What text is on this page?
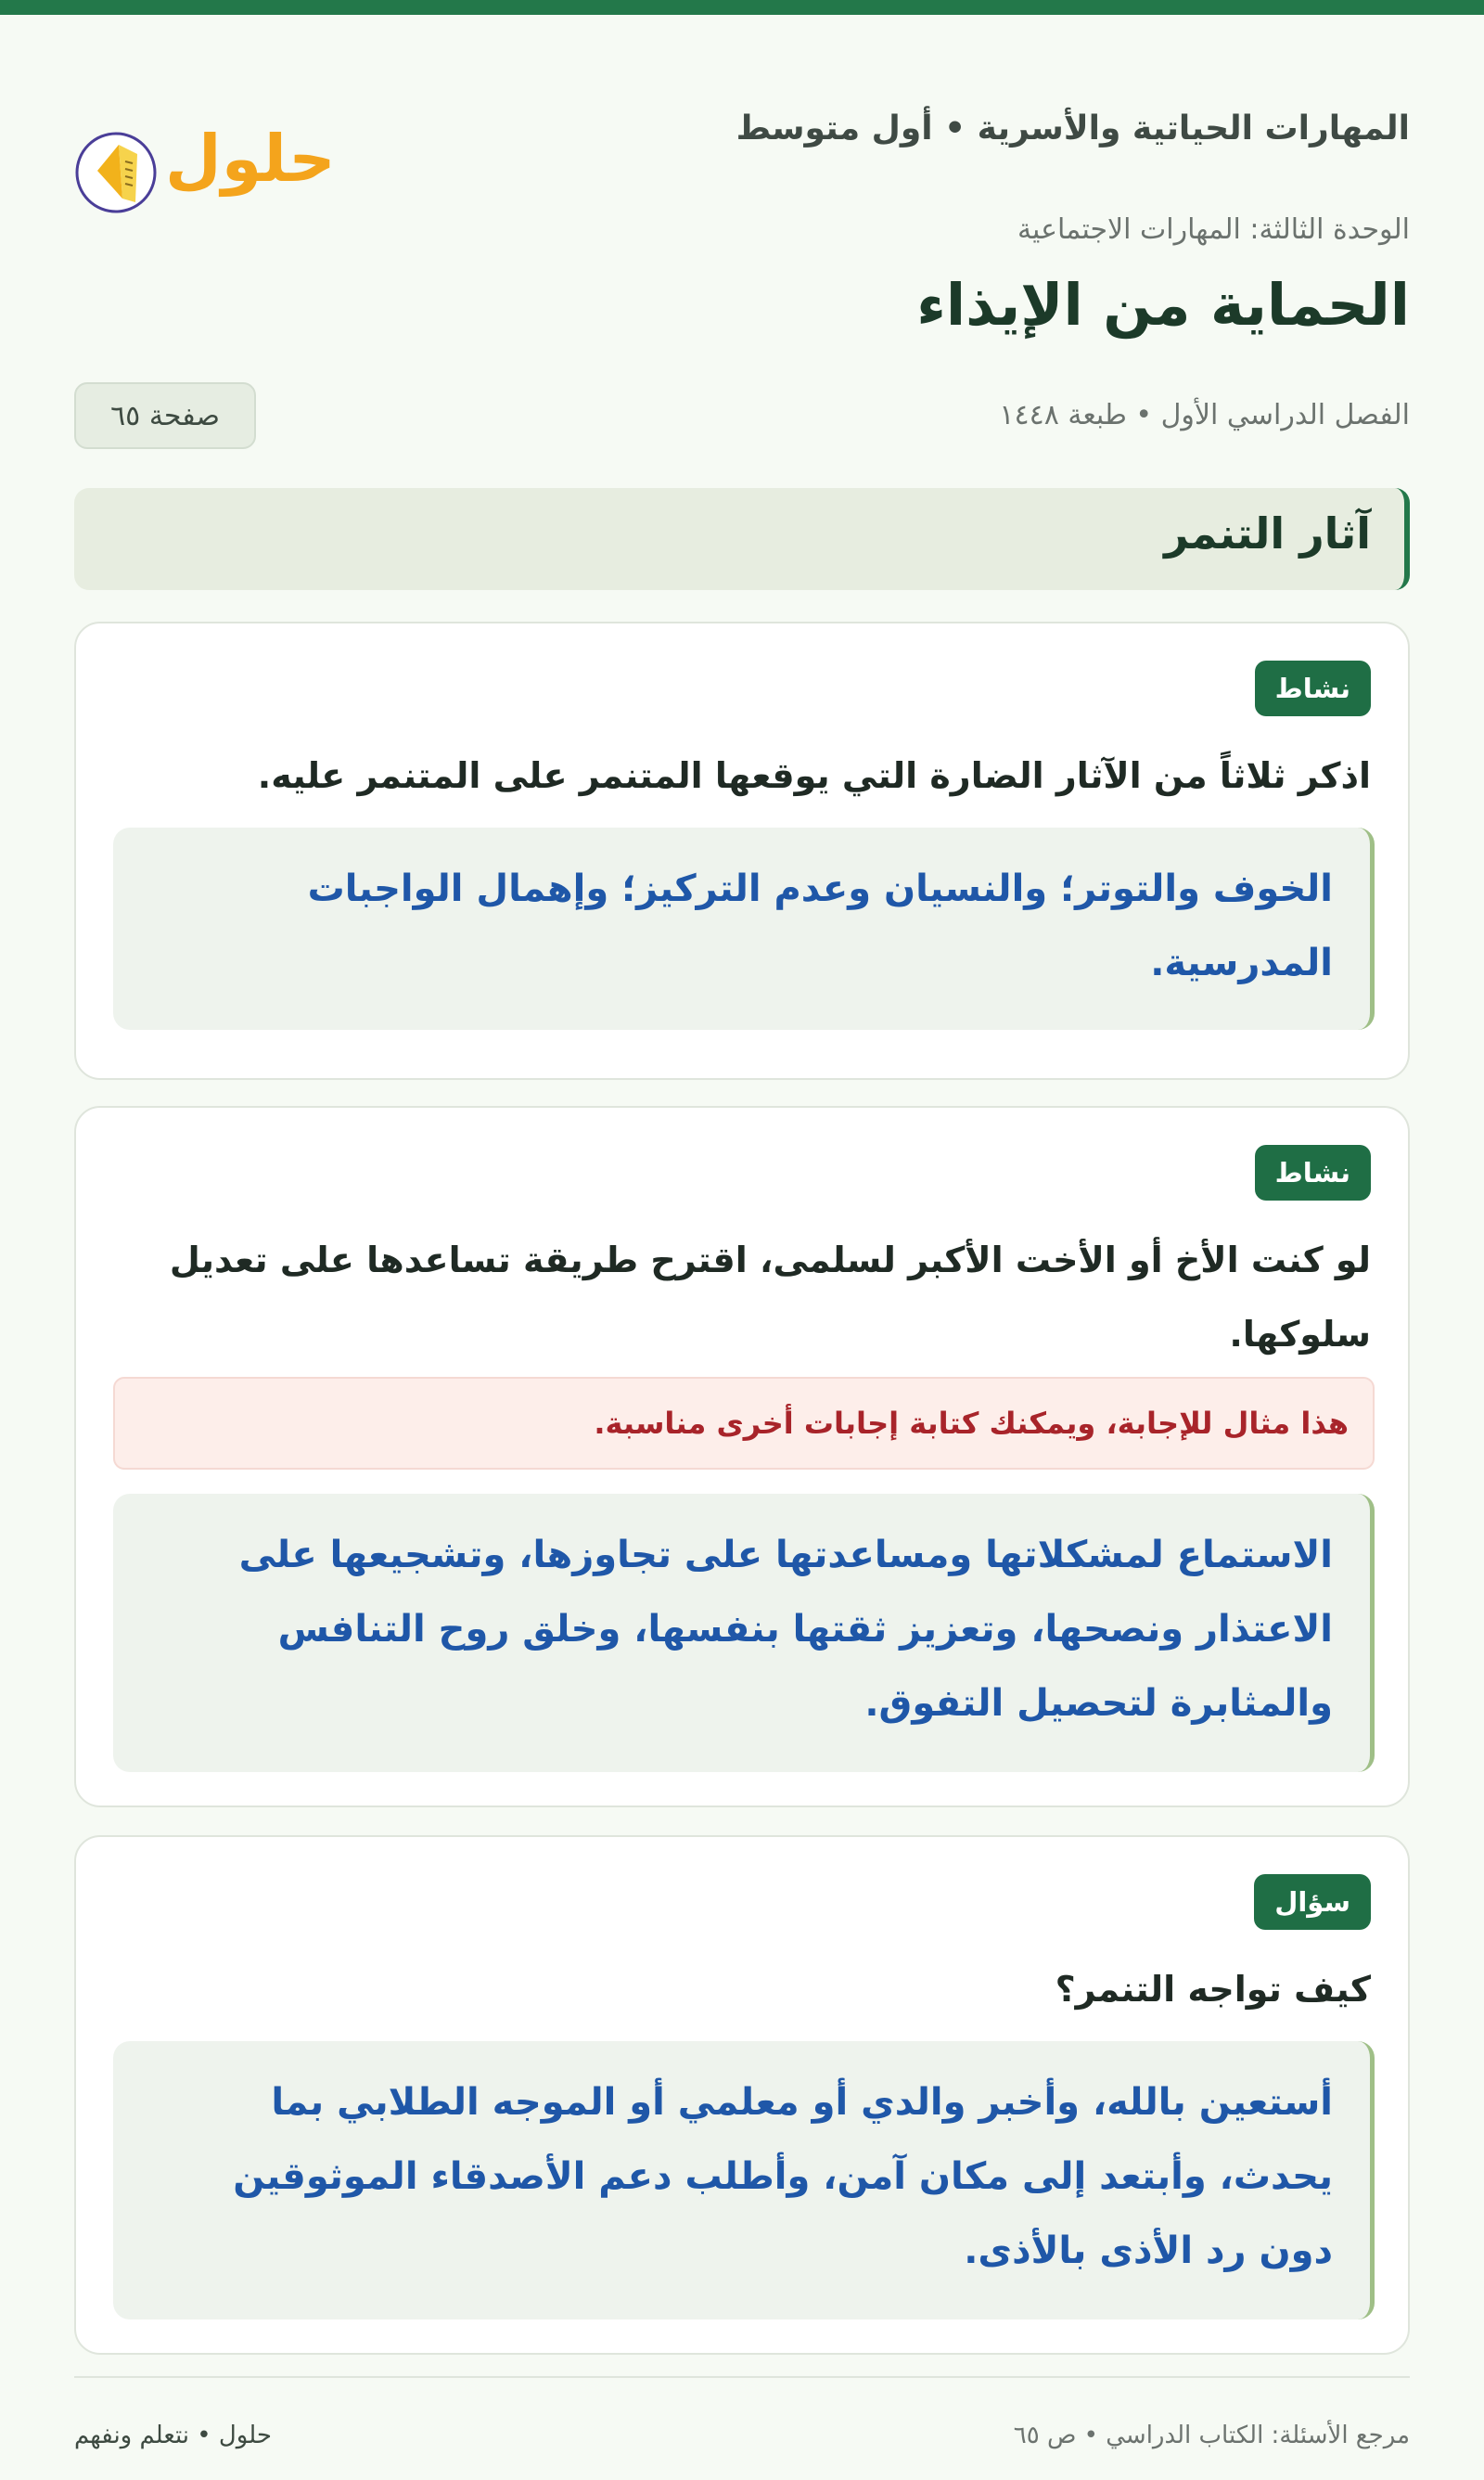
المهارات الحياتية والأسرية • أول متوسط
حلول
الوحدة الثالثة: المهارات الاجتماعية
الحماية من الإيذاء
الفصل الدراسي الأول • طبعة ١٤٤٨
صفحة ٦٥
آثار التنمر
نشاط
اذكر ثلاثاً من الآثار الضارة التي يوقعها المتنمر على المتنمر عليه.
الخوف والتوتر؛ والنسيان وعدم التركيز؛ وإهمال الواجبات المدرسية.
نشاط
لو كنت الأخ أو الأخت الأكبر لسلمى، اقترح طريقة تساعدها على تعديل سلوكها.
هذا مثال للإجابة، ويمكنك كتابة إجابات أخرى مناسبة.
الاستماع لمشكلاتها ومساعدتها على تجاوزها، وتشجيعها على الاعتذار ونصحها، وتعزيز ثقتها بنفسها، وخلق روح التنافس والمثابرة لتحصيل التفوق.
سؤال
كيف تواجه التنمر؟
أستعين بالله، وأخبر والدي أو معلمي أو الموجه الطلابي بما يحدث، وأبتعد إلى مكان آمن، وأطلب دعم الأصدقاء الموثوقين دون رد الأذى بالأذى.
مرجع الأسئلة: الكتاب الدراسي • ص ٦٥
حلول • نتعلم ونفهم
